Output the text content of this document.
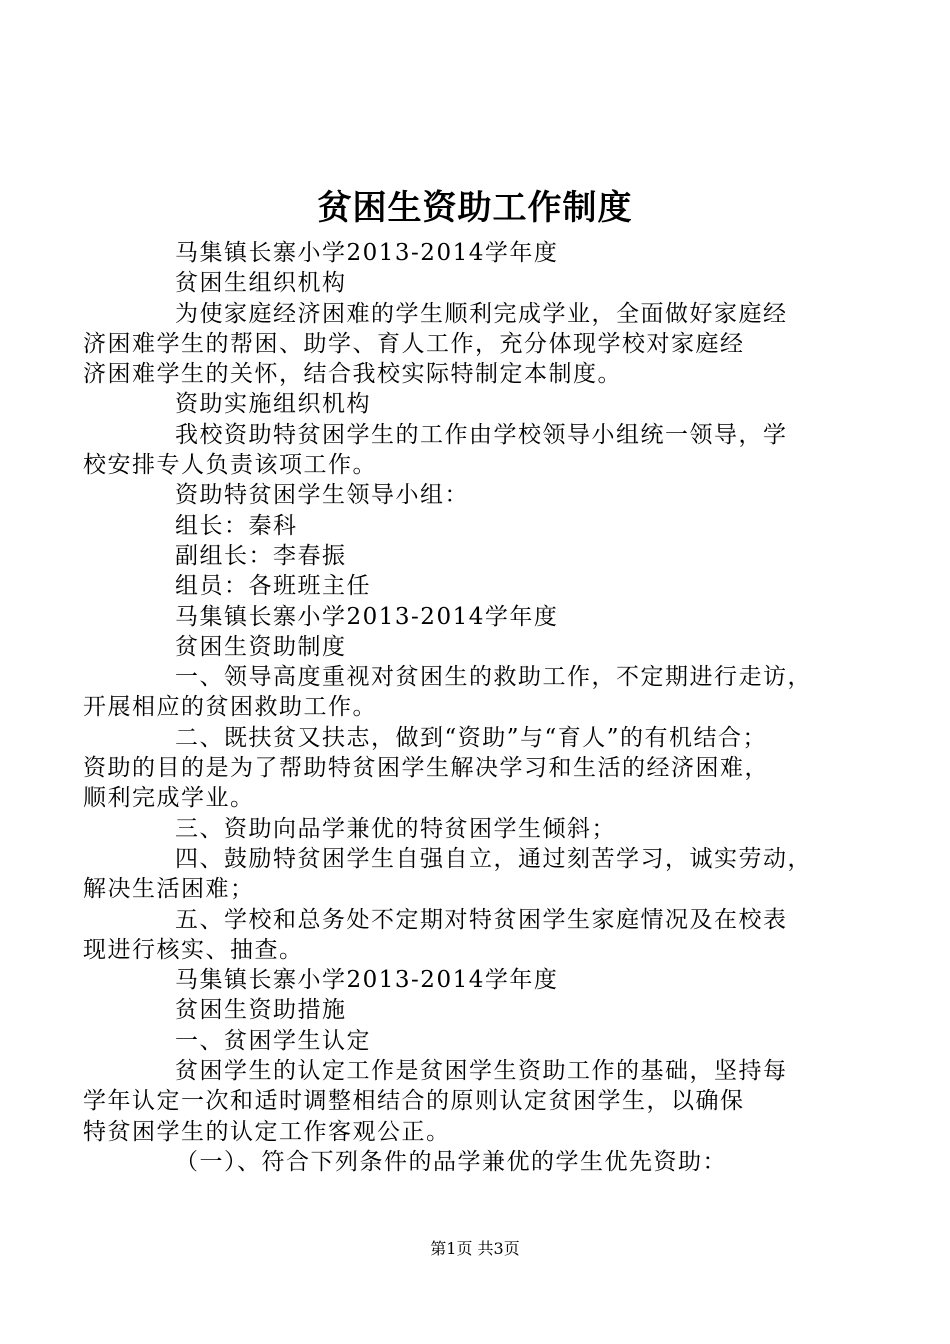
贫困生资助工作制度
马集镇长寨小学2013-2014学年度
贫困生组织机构
为使家庭经济困难的学生顺利完成学业，全面做好家庭经
济困难学生的帮困、助学、育人工作，充分体现学校对家庭经
济困难学生的关怀，结合我校实际特制定本制度。
资助实施组织机构
我校资助特贫困学生的工作由学校领导小组统一领导，学
校安排专人负责该项工作。
资助特贫困学生领导小组：
组长：秦科
副组长：李春振
组员：各班班主任
马集镇长寨小学2013-2014学年度
贫困生资助制度
一、领导高度重视对贫困生的救助工作，不定期进行走访，
开展相应的贫困救助工作。
二、既扶贫又扶志，做到“资助”与“育人”的有机结合；
资助的目的是为了帮助特贫困学生解决学习和生活的经济困难，
顺利完成学业。
三、资助向品学兼优的特贫困学生倾斜；
四、鼓励特贫困学生自强自立，通过刻苦学习，诚实劳动，
解决生活困难；
五、学校和总务处不定期对特贫困学生家庭情况及在校表
现进行核实、抽查。
马集镇长寨小学2013-2014学年度
贫困生资助措施
一、贫困学生认定
贫困学生的认定工作是贫困学生资助工作的基础，坚持每
学年认定一次和适时调整相结合的原则认定贫困学生，以确保
特贫困学生的认定工作客观公正。
（一）、符合下列条件的品学兼优的学生优先资助：
第1页 共3页
